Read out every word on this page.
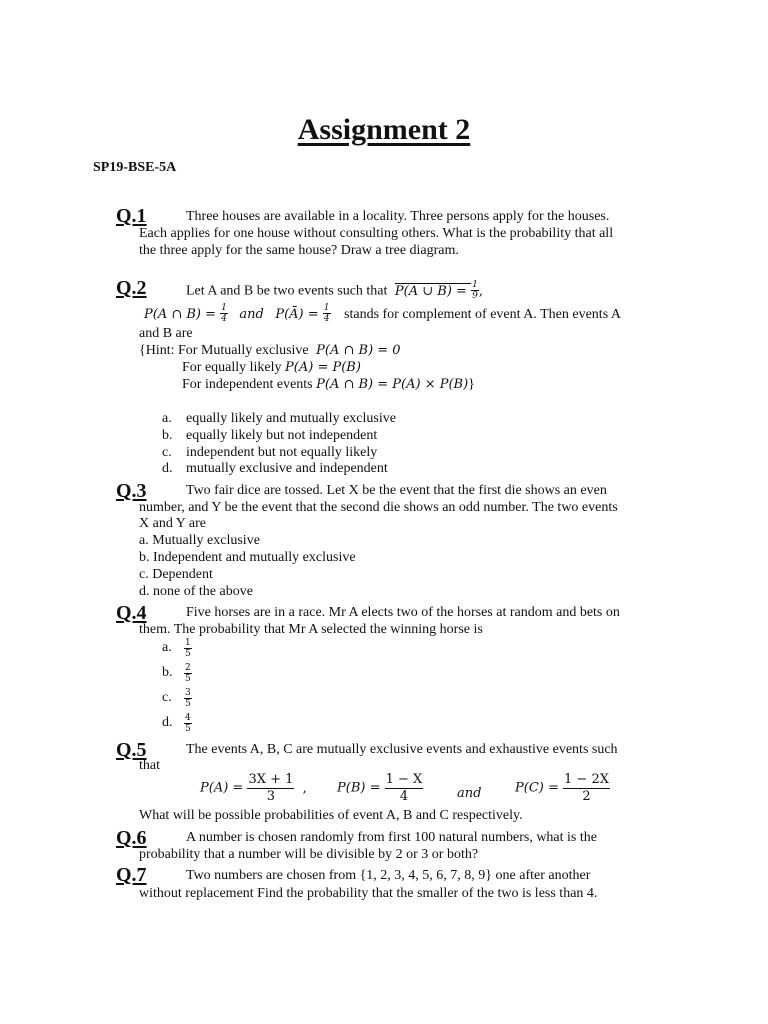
Assignment 2
SP19-BSE-5A
Q.1	Three houses are available in a locality. Three persons apply for the houses.
Each applies for one house without consulting others. What is the probability that all
the three apply for the same house? Draw a tree diagram.
Q.2	Let A and B be two events such that P(A ∪ $B) = \frac{1}{9}$ ,
P(A ∩ $B) = \frac{1}{4}$ and P(Ā) = $\frac{1}{4}$ stands for complement of event A. Then events A
and B are
{Hint: For Mutually exclusive P(A ∩ B) = 0
For equally likely P(A) = P(B)
For independent events P(A ∩ B) = P(A) × P(B)}
a. equally likely and mutually exclusive
b. equally likely but not independent
c. independent but not equally likely
d. mutually exclusive and independent
Q.3	Two fair dice are tossed. Let X be the event that the first die shows an even
number, and Y be the event that the second die shows an odd number. The two events
X and Y are
a. Mutually exclusive
b. Independent and mutually exclusive
c. Dependent
d. none of the above
Q.4	Five horses are in a race. Mr A elects two of the horses at random and bets on
them. The probability that Mr A selected the winning horse is
a. $\frac{1}{5}$
b. $\frac{2}{5}$
c. $\frac{3}{5}$
d. $\frac{4}{5}$
Q.5	The events A, B, C are mutually exclusive events and exhaustive events such
that
$P(A) = \frac{3X + 1}{3}$ , $P(B) = \frac{1 - X}{4}$	and	$P(C) = \frac{1 - 2X}{2}$
What will be possible probabilities of event A, B and C respectively.
Q.6	A number is chosen randomly from first 100 natural numbers, what is the
probability that a number will be divisible by 2 or 3 or both?
Q.7	Two numbers are chosen from {1, 2, 3, 4, 5, 6, 7, 8, 9} one after another
without replacement Find the probability that the smaller of the two is less than 4.
